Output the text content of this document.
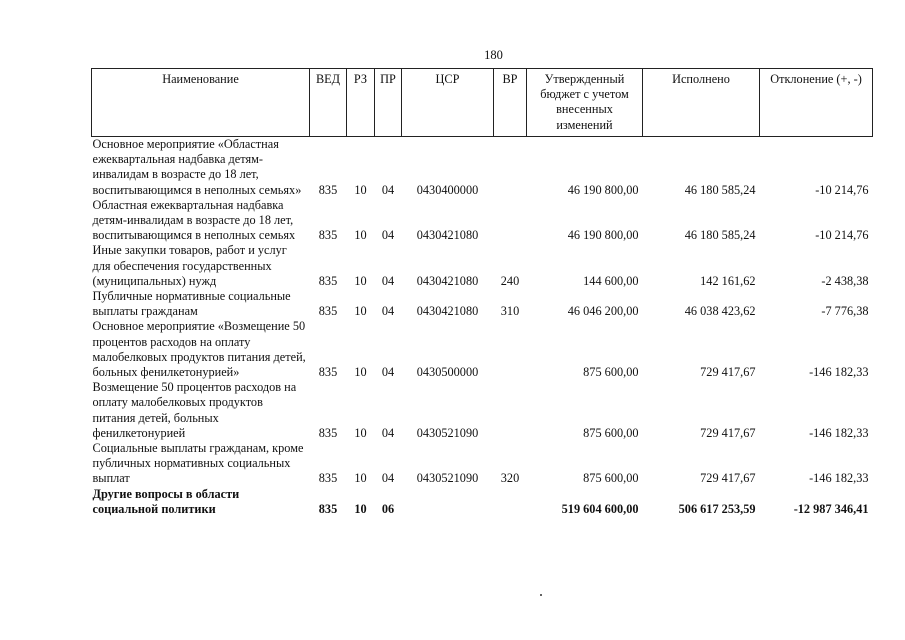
180
Наименование	ВЕД	РЗ	ПР	ЦСР	ВР	Утвержденный бюджет с учетом внесенных изменений	Исполнено	Отклонение (+, -)
Основное мероприятие «Областная ежеквартальная надбавка детям-инвалидам в возрасте до 18 лет, воспитывающимся в неполных семьях»	835	10	04	0430400000		46 190 800,00	46 180 585,24	-10 214,76
Областная ежеквартальная надбавка детям-инвалидам в возрасте до 18 лет, воспитывающимся в неполных семьях	835	10	04	0430421080		46 190 800,00	46 180 585,24	-10 214,76
Иные закупки товаров, работ и услуг для обеспечения государственных (муниципальных) нужд	835	10	04	0430421080	240	144 600,00	142 161,62	-2 438,38
Публичные нормативные социальные выплаты гражданам	835	10	04	0430421080	310	46 046 200,00	46 038 423,62	-7 776,38
Основное мероприятие «Возмещение 50 процентов расходов на оплату малобелковых продуктов питания детей, больных фенилкетонурией»	835	10	04	0430500000		875 600,00	729 417,67	-146 182,33
Возмещение 50 процентов расходов на оплату малобелковых продуктов питания детей, больных фенилкетонурией	835	10	04	0430521090		875 600,00	729 417,67	-146 182,33
Социальные выплаты гражданам, кроме публичных нормативных социальных выплат	835	10	04	0430521090	320	875 600,00	729 417,67	-146 182,33
Другие вопросы в области социальной политики	835	10	06			519 604 600,00	506 617 253,59	-12 987 346,41
